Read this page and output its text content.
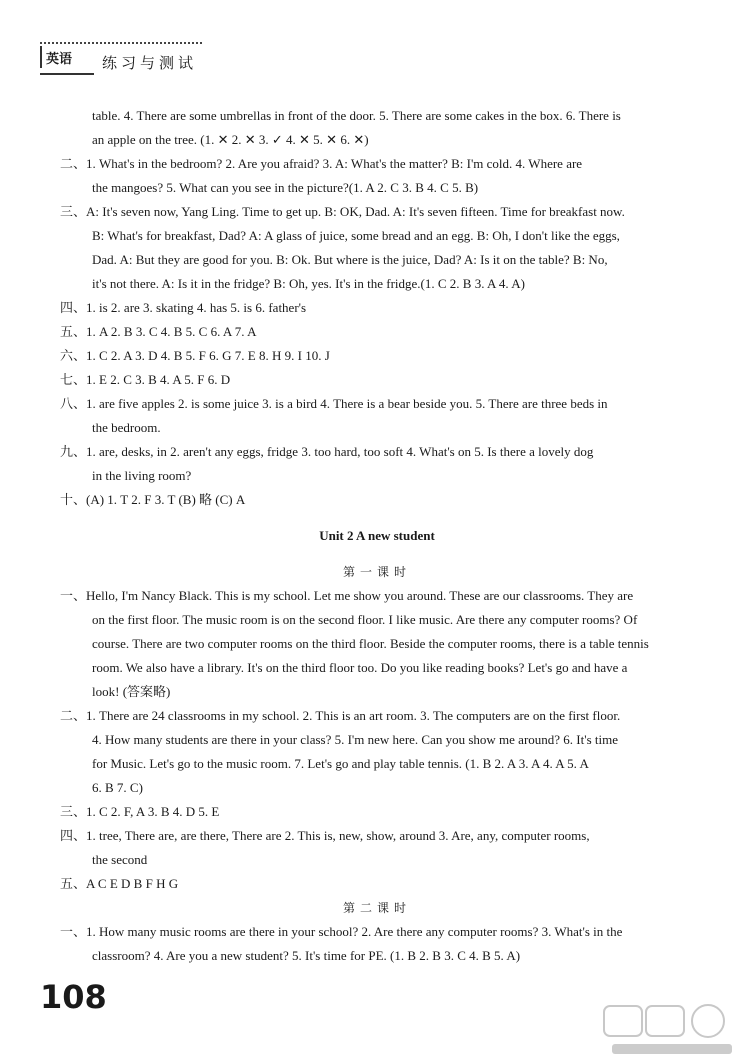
英语 练习与测试
table. 4. There are some umbrellas in front of the door. 5. There are some cakes in the box. 6. There is
an apple on the tree. (1. ✕ 2. ✕ 3. ✓ 4. ✕ 5. ✕ 6. ✕)
二、1. What's in the bedroom? 2. Are you afraid? 3. A: What's the matter? B: I'm cold. 4. Where are
the mangoes? 5. What can you see in the picture?(1. A 2. C 3. B 4. C 5. B)
三、A: It's seven now, Yang Ling. Time to get up. B: OK, Dad. A: It's seven fifteen. Time for breakfast now.
B: What's for breakfast, Dad? A: A glass of juice, some bread and an egg. B: Oh, I don't like the eggs,
Dad. A: But they are good for you. B: Ok. But where is the juice, Dad? A: Is it on the table? B: No,
it's not there. A: Is it in the fridge? B: Oh, yes. It's in the fridge.(1. C 2. B 3. A 4. A)
四、1. is 2. are 3. skating 4. has 5. is 6. father's
五、1. A 2. B 3. C 4. B 5. C 6. A 7. A
六、1. C 2. A 3. D 4. B 5. F 6. G 7. E 8. H 9. I 10. J
七、1. E 2. C 3. B 4. A 5. F 6. D
八、1. are five apples 2. is some juice 3. is a bird 4. There is a bear beside you. 5. There are three beds in
the bedroom.
九、1. are, desks, in 2. aren't any eggs, fridge 3. too hard, too soft 4. What's on 5. Is there a lovely dog
in the living room?
十、(A) 1. T 2. F 3. T (B) 略 (C) A
Unit 2 A new student
第一课时
一、Hello, I'm Nancy Black. This is my school. Let me show you around. These are our classrooms. They are
on the first floor. The music room is on the second floor. I like music. Are there any computer rooms? Of
course. There are two computer rooms on the third floor. Beside the computer rooms, there is a table tennis
room. We also have a library. It's on the third floor too. Do you like reading books? Let's go and have a
look! (答案略)
二、1. There are 24 classrooms in my school. 2. This is an art room. 3. The computers are on the first floor.
4. How many students are there in your class? 5. I'm new here. Can you show me around? 6. It's time
for Music. Let's go to the music room. 7. Let's go and play table tennis. (1. B 2. A 3. A 4. A 5. A
6. B 7. C)
三、1. C 2. F, A 3. B 4. D 5. E
四、1. tree, There are, are there, There are 2. This is, new, show, around 3. Are, any, computer rooms,
the second
五、A C E D B F H G
第二课时
一、1. How many music rooms are there in your school? 2. Are there any computer rooms? 3. What's in the
classroom? 4. Are you a new student? 5. It's time for PE. (1. B 2. B 3. C 4. B 5. A)
108
